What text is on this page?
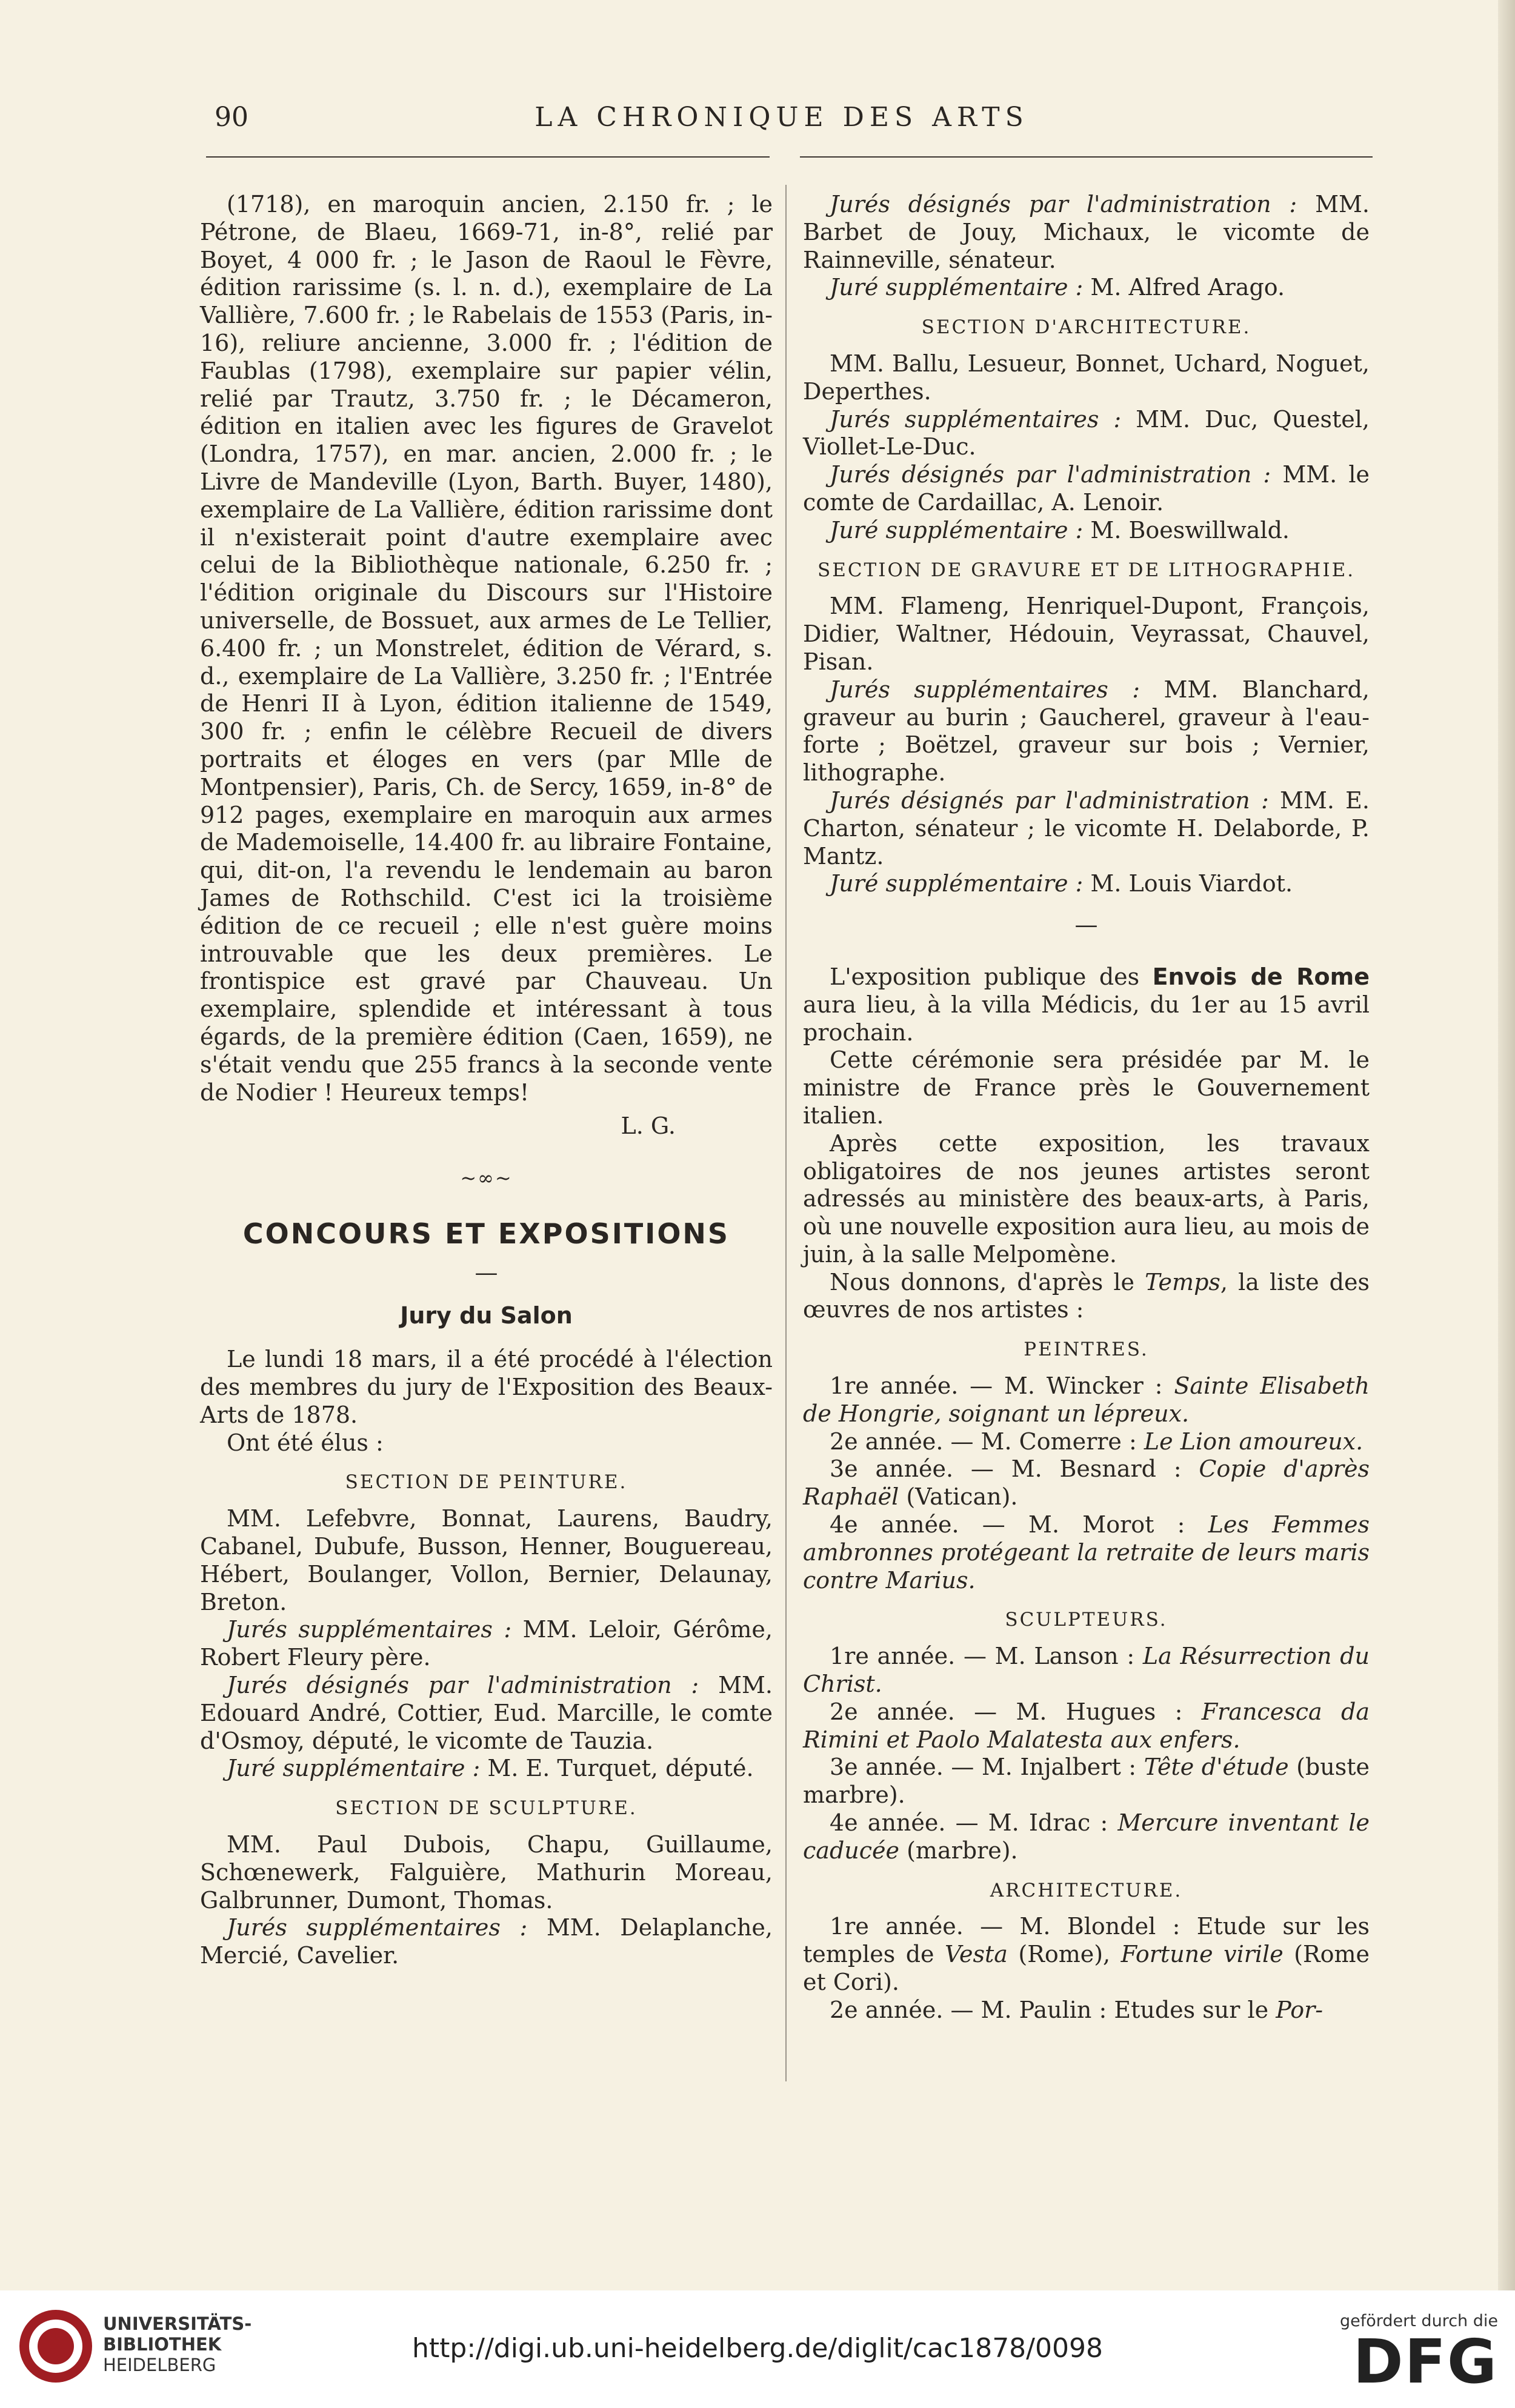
90	LA CHRONIQUE DES ARTS

(1718), en maroquin ancien, 2.150 fr. ; le Pétrone, de Blaeu, 1669-71, in-8°, relié par Boyet, 4 000 fr. ; le Jason de Raoul le Fèvre, édition rarissime (s. l. n. d.), exemplaire de La Vallière, 7.600 fr. ; le Rabelais de 1553 (Paris, in-16), reliure ancienne, 3.000 fr. ; l'édition de Faublas (1798), exemplaire sur papier vélin, relié par Trautz, 3.750 fr. ; le Décameron, édition en italien avec les figures de Gravelot (Londra, 1757), en mar. ancien, 2.000 fr. ; le Livre de Mandeville (Lyon, Barth. Buyer, 1480), exemplaire de La Vallière, édition rarissime dont il n'existerait point d'autre exemplaire avec celui de la Bibliothèque nationale, 6.250 fr. ; l'édition originale du Discours sur l'Histoire universelle, de Bossuet, aux armes de Le Tellier, 6.400 fr. ; un Monstrelet, édition de Vérard, s. d., exemplaire de La Vallière, 3.250 fr. ; l'Entrée de Henri II à Lyon, édition italienne de 1549, 300 fr. ; enfin le célèbre Recueil de divers portraits et éloges en vers (par Mlle de Montpensier), Paris, Ch. de Sercy, 1659, in-8° de 912 pages, exemplaire en maroquin aux armes de Mademoiselle, 14.400 fr. au libraire Fontaine, qui, dit-on, l'a revendu le lendemain au baron James de Rothschild. C'est ici la troisième édition de ce recueil ; elle n'est guère moins introuvable que les deux premières. Le frontispice est gravé par Chauveau. Un exemplaire, splendide et intéressant à tous égards, de la première édition (Caen, 1659), ne s'était vendu que 255 francs à la seconde vente de Nodier ! Heureux temps!

L. G.

~∞~
CONCOURS ET EXPOSITIONS
—
Jury du Salon

Le lundi 18 mars, il a été procédé à l'élection des membres du jury de l'Exposition des Beaux-Arts de 1878.

Ont été élus :

SECTION DE PEINTURE.

MM. Lefebvre, Bonnat, Laurens, Baudry, Cabanel, Dubufe, Busson, Henner, Bouguereau, Hébert, Boulanger, Vollon, Bernier, Delaunay, Breton.

Jurés supplémentaires : MM. Leloir, Gérôme, Robert Fleury père.

Jurés désignés par l'administration : MM. Edouard André, Cottier, Eud. Marcille, le comte d'Osmoy, député, le vicomte de Tauzia.

Juré supplémentaire : M. E. Turquet, député.

SECTION DE SCULPTURE.

MM. Paul Dubois, Chapu, Guillaume, Schœnewerk, Falguière, Mathurin Moreau, Galbrunner, Dumont, Thomas.

Jurés supplémentaires : MM. Delaplanche, Mercié, Cavelier.

Jurés désignés par l'administration : MM. Barbet de Jouy, Michaux, le vicomte de Rainneville, sénateur.

Juré supplémentaire : M. Alfred Arago.

SECTION D'ARCHITECTURE.

MM. Ballu, Lesueur, Bonnet, Uchard, Noguet, Deperthes.

Jurés supplémentaires : MM. Duc, Questel, Viollet-Le-Duc.

Jurés désignés par l'administration : MM. le comte de Cardaillac, A. Lenoir.

Juré supplémentaire : M. Boeswillwald.

SECTION DE GRAVURE ET DE LITHOGRAPHIE.

MM. Flameng, Henriquel-Dupont, François, Didier, Waltner, Hédouin, Veyrassat, Chauvel, Pisan.

Jurés supplémentaires : MM. Blanchard, graveur au burin ; Gaucherel, graveur à l'eau-forte ; Boëtzel, graveur sur bois ; Vernier, lithographe.

Jurés désignés par l'administration : MM. E. Charton, sénateur ; le vicomte H. Delaborde, P. Mantz.

Juré supplémentaire : M. Louis Viardot.

—

L'exposition publique des Envois de Rome aura lieu, à la villa Médicis, du 1er au 15 avril prochain.

Cette cérémonie sera présidée par M. le ministre de France près le Gouvernement italien.

Après cette exposition, les travaux obligatoires de nos jeunes artistes seront adressés au ministère des beaux-arts, à Paris, où une nouvelle exposition aura lieu, au mois de juin, à la salle Melpomène.

Nous donnons, d'après le Temps, la liste des œuvres de nos artistes :

PEINTRES.

1re année. — M. Wincker : Sainte Elisabeth de Hongrie, soignant un lépreux.

2e année. — M. Comerre : Le Lion amoureux.

3e année. — M. Besnard : Copie d'après Raphaël (Vatican).

4e année. — M. Morot : Les Femmes ambronnes protégeant la retraite de leurs maris contre Marius.

SCULPTEURS.

1re année. — M. Lanson : La Résurrection du Christ.

2e année. — M. Hugues : Francesca da Rimini et Paolo Malatesta aux enfers.

3e année. — M. Injalbert : Tête d'étude (buste marbre).

4e année. — M. Idrac : Mercure inventant le caducée (marbre).

ARCHITECTURE.

1re année. — M. Blondel : Etude sur les temples de Vesta (Rome), Fortune virile (Rome et Cori).

2e année. — M. Paulin : Etudes sur le Por-

UNIVERSITÄTS-
BIBLIOTHEK
HEIDELBERG
http://digi.ub.uni-heidelberg.de/diglit/cac1878/0098
gefördert durch die
DFG
